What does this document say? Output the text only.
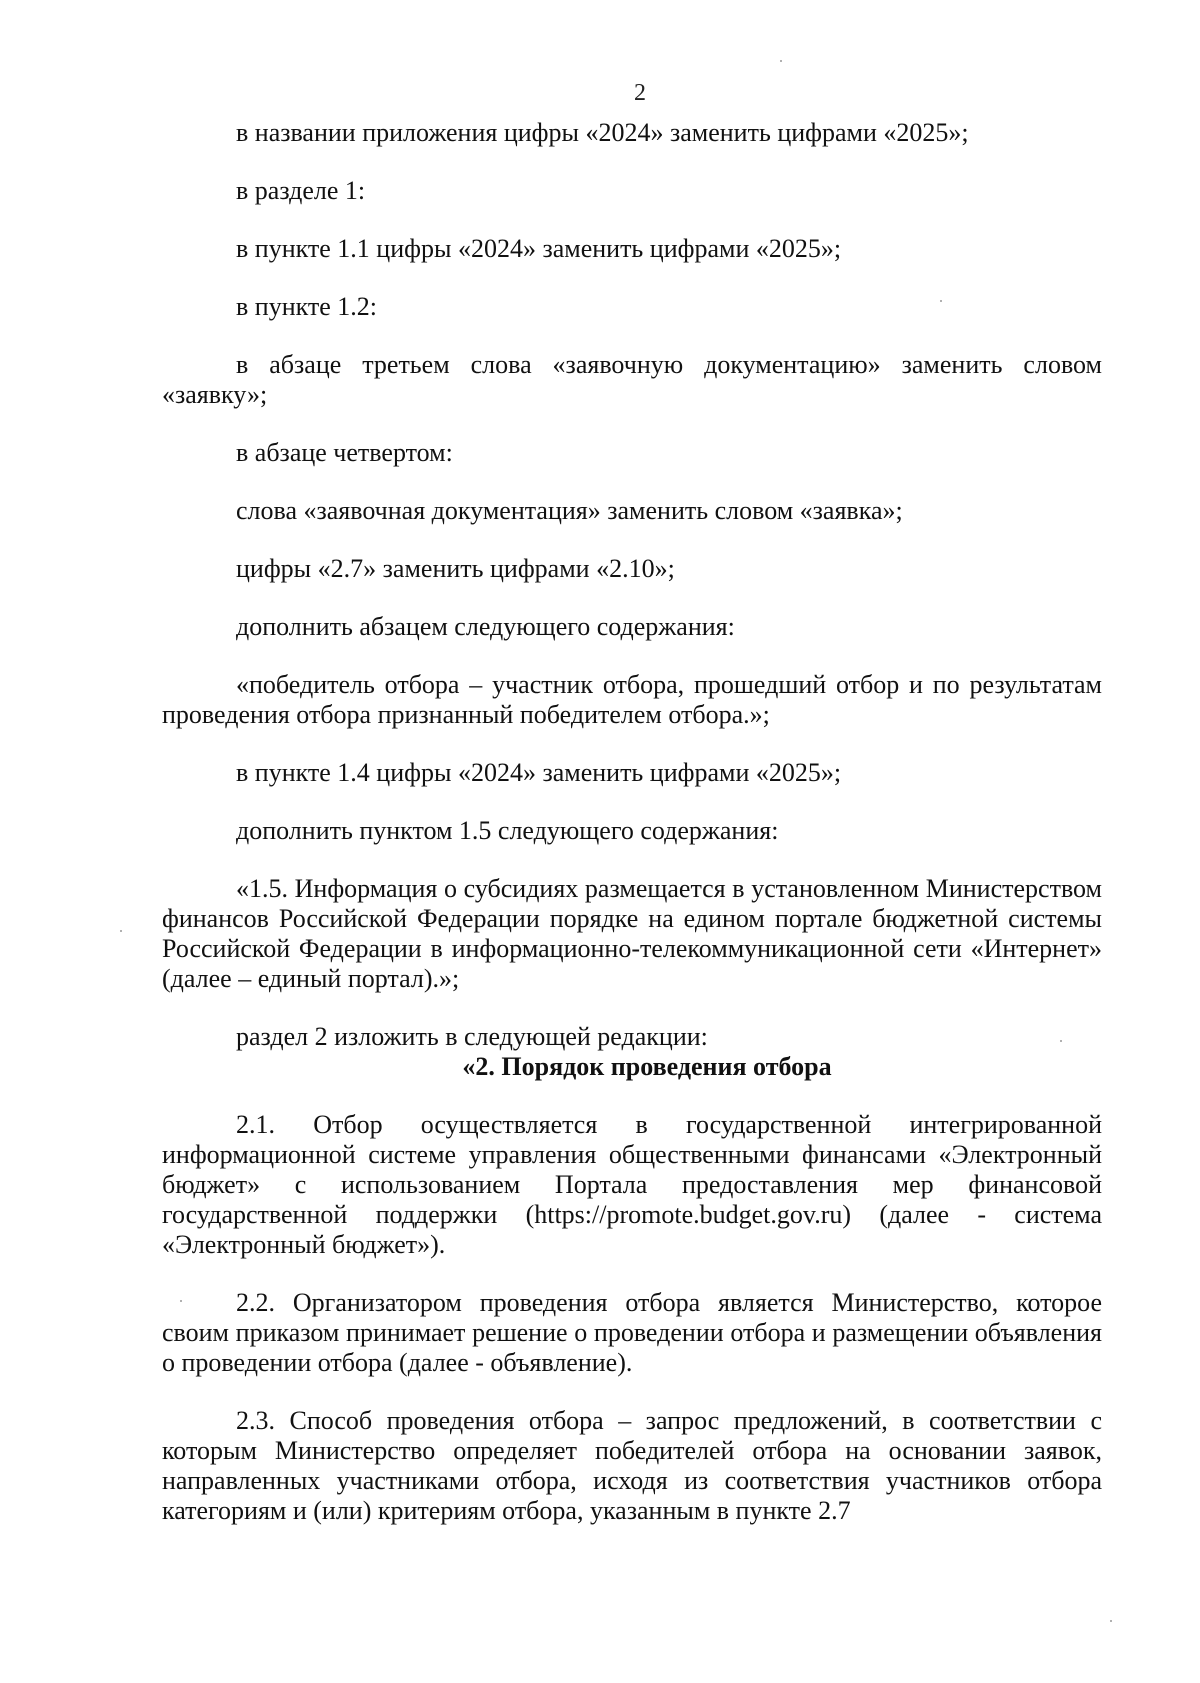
2

в названии приложения цифры «2024» заменить цифрами «2025»;

в разделе 1:

в пункте 1.1 цифры «2024» заменить цифрами «2025»;

в пункте 1.2:

в абзаце третьем слова «заявочную документацию» заменить словом «заявку»;

в абзаце четвертом:

слова «заявочная документация» заменить словом «заявка»;

цифры «2.7» заменить цифрами «2.10»;

дополнить абзацем следующего содержания:

«победитель отбора – участник отбора, прошедший отбор и по результатам проведения отбора признанный победителем отбора.»;

в пункте 1.4 цифры «2024» заменить цифрами «2025»;

дополнить пунктом 1.5 следующего содержания:

«1.5. Информация о субсидиях размещается в установленном Министерством финансов Российской Федерации порядке на едином портале бюджетной системы Российской Федерации в информационно-телекоммуникационной сети «Интернет» (далее – единый портал).»;

раздел 2 изложить в следующей редакции:

«2. Порядок проведения отбора

2.1. Отбор осуществляется в государственной интегрированной информационной системе управления общественными финансами «Электронный бюджет» с использованием Портала предоставления мер финансовой государственной поддержки (https://promote.budget.gov.ru) (далее - система «Электронный бюджет»).

2.2. Организатором проведения отбора является Министерство, которое своим приказом принимает решение о проведении отбора и размещении объявления о проведении отбора (далее - объявление).

2.3. Способ проведения отбора – запрос предложений, в соответствии с которым Министерство определяет победителей отбора на основании заявок, направленных участниками отбора, исходя из соответствия участников отбора категориям и (или) критериям отбора, указанным в пункте 2.7
